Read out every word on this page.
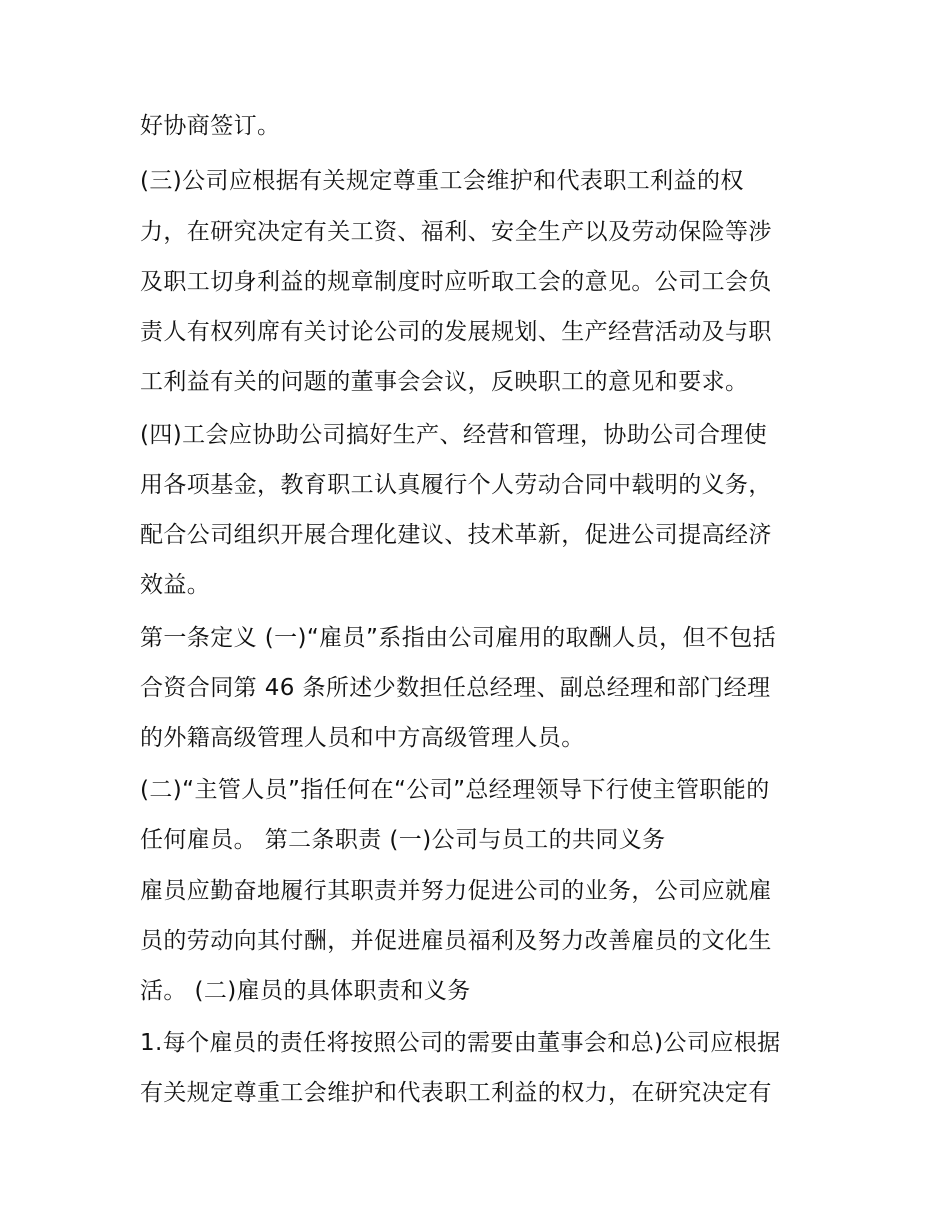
好协商签订。
(三)公司应根据有关规定尊重工会维护和代表职工利益的权
力，在研究决定有关工资、福利、安全生产以及劳动保险等涉
及职工切身利益的规章制度时应听取工会的意见。公司工会负
责人有权列席有关讨论公司的发展规划、生产经营活动及与职
工利益有关的问题的董事会会议，反映职工的意见和要求。
(四)工会应协助公司搞好生产、经营和管理，协助公司合理使
用各项基金，教育职工认真履行个人劳动合同中载明的义务，
配合公司组织开展合理化建议、技术革新，促进公司提高经济
效益。
第一条定义 (一)“雇员”系指由公司雇用的取酬人员，但不包括
合资合同第 46 条所述少数担任总经理、副总经理和部门经理
的外籍高级管理人员和中方高级管理人员。
(二)“主管人员”指任何在“公司”总经理领导下行使主管职能的
任何雇员。 第二条职责 (一)公司与员工的共同义务
雇员应勤奋地履行其职责并努力促进公司的业务，公司应就雇
员的劳动向其付酬，并促进雇员福利及努力改善雇员的文化生
活。 (二)雇员的具体职责和义务
1.每个雇员的责任将按照公司的需要由董事会和总)公司应根据
有关规定尊重工会维护和代表职工利益的权力，在研究决定有
